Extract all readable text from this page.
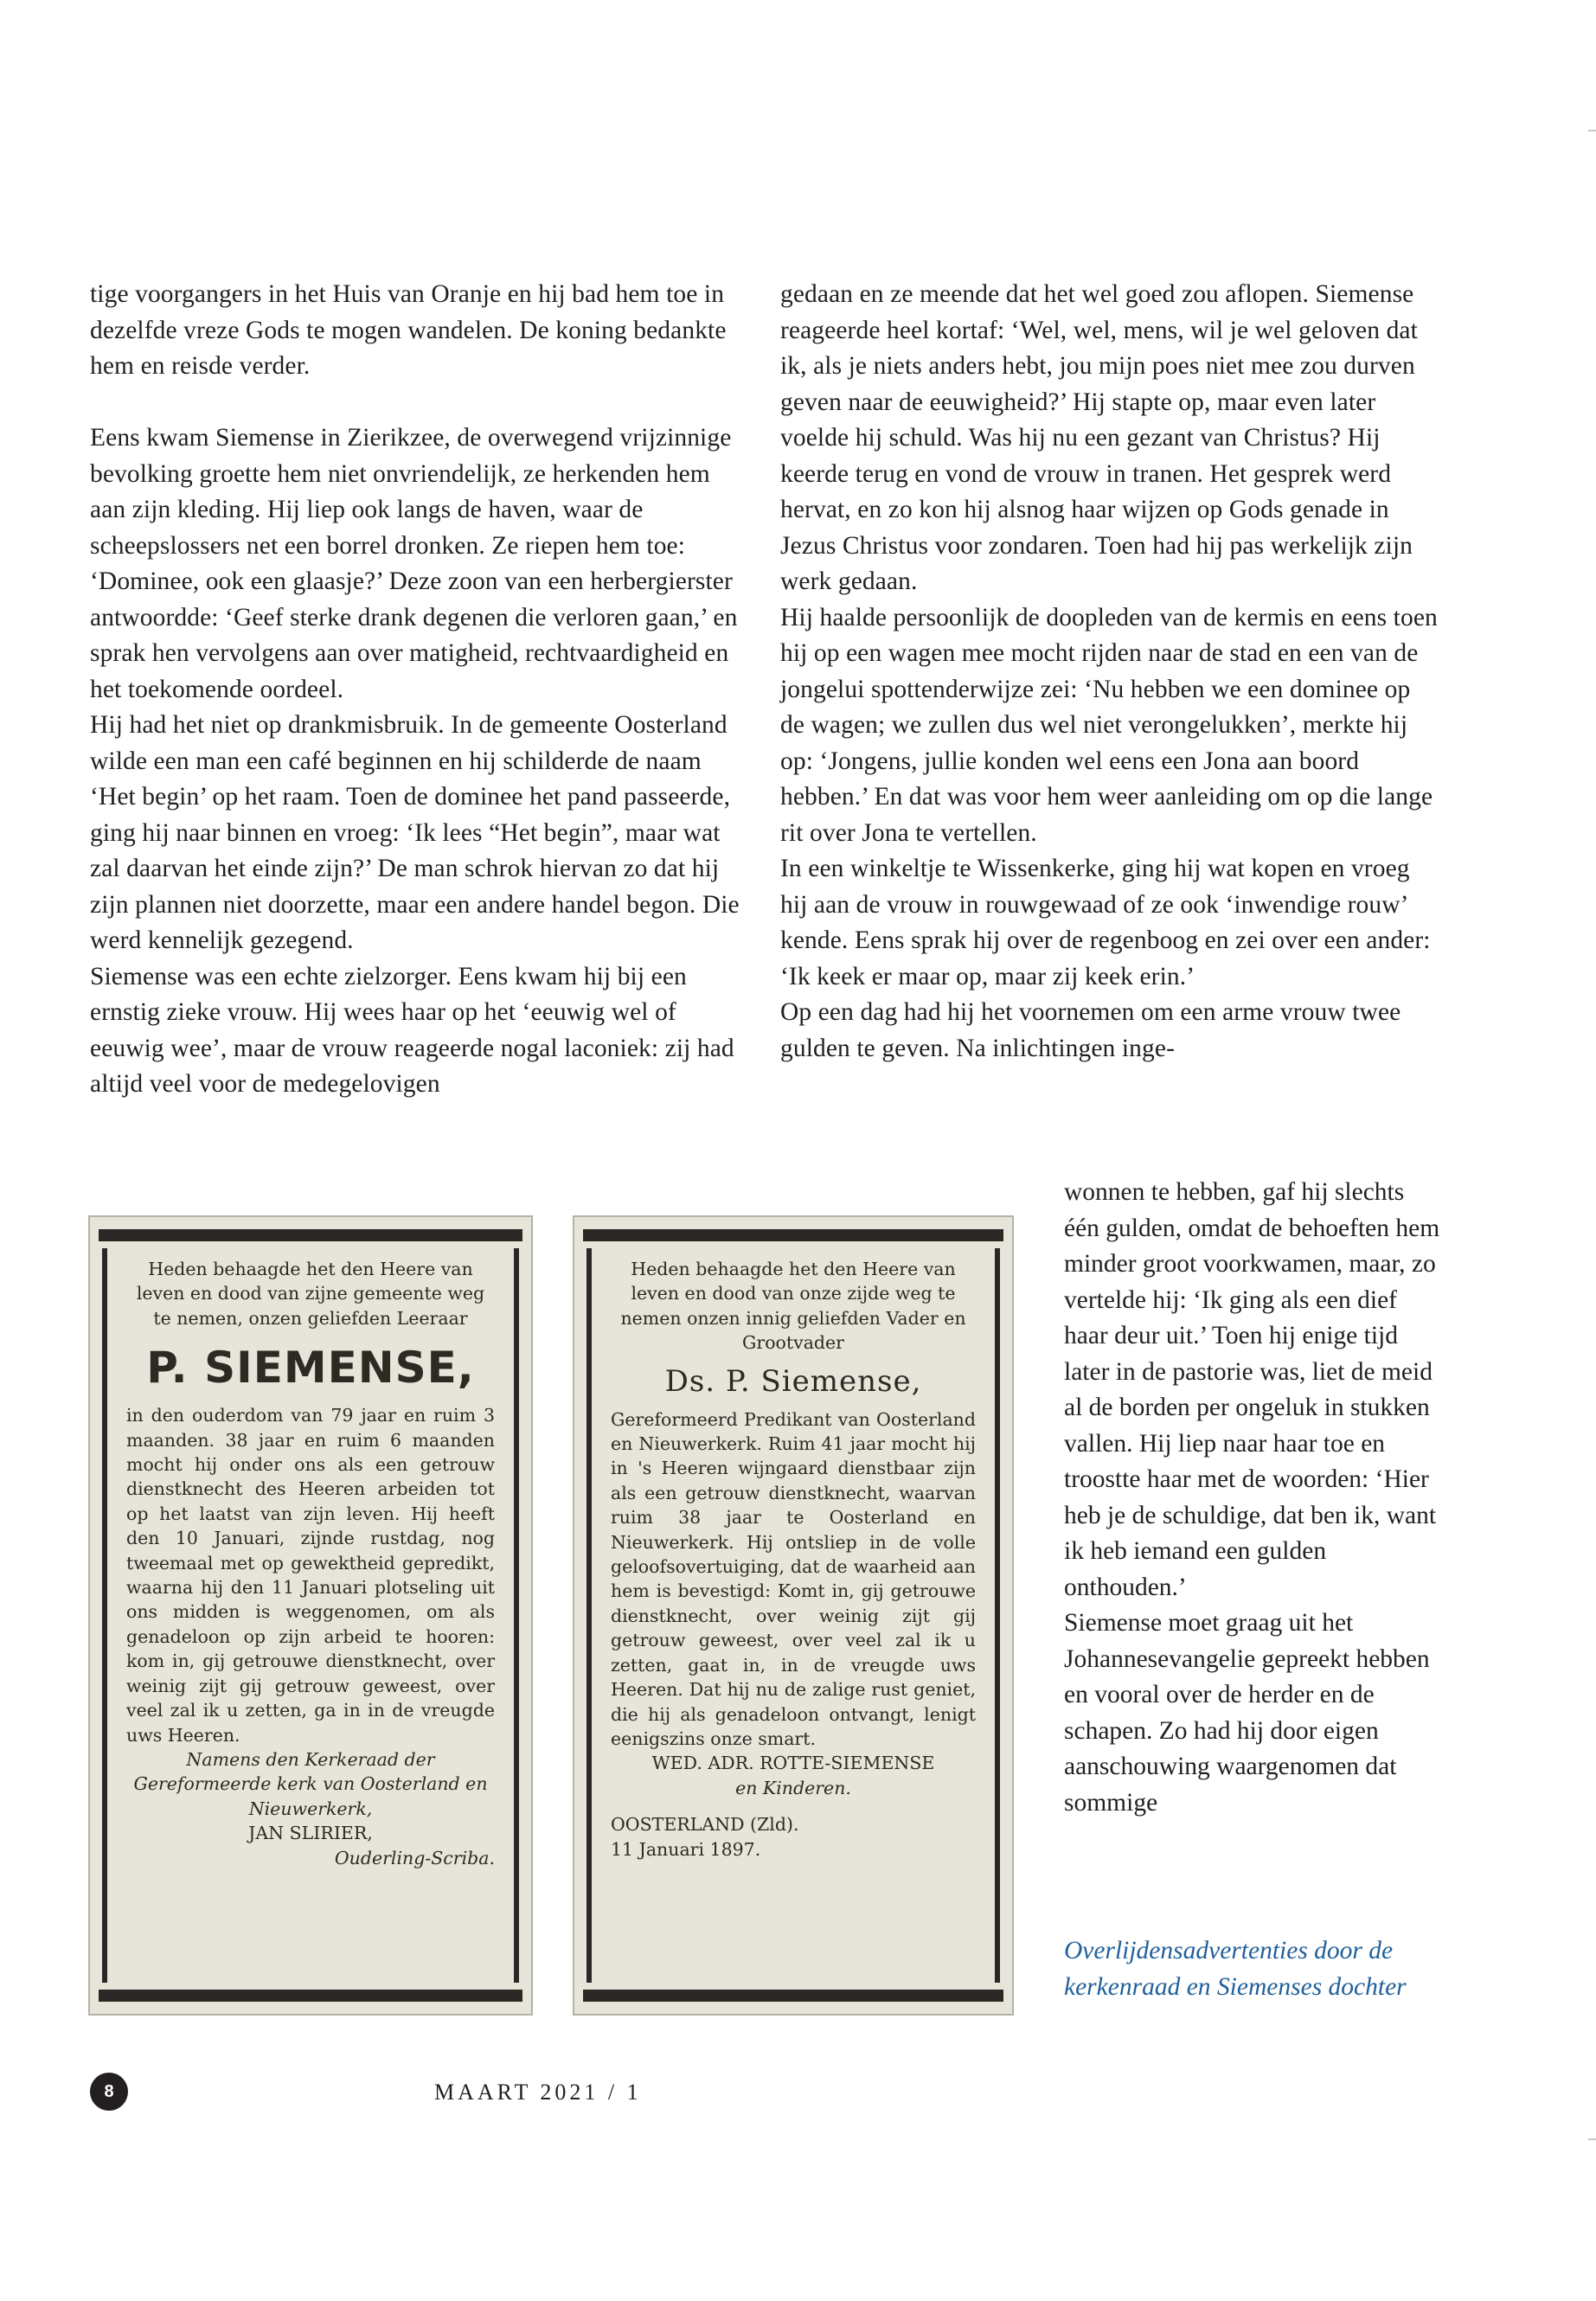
tige voorgangers in het Huis van Oranje en hij bad hem toe in dezelfde vreze Gods te mogen wandelen. De koning bedankte hem en reisde verder.

Eens kwam Siemense in Zierikzee, de overwegend vrijzinnige bevolking groette hem niet onvriendelijk, ze herkenden hem aan zijn kleding. Hij liep ook langs de haven, waar de scheepslossers net een borrel dronken. Ze riepen hem toe: ‘Dominee, ook een glaasje?’ Deze zoon van een herbergierster antwoordde: ‘Geef sterke drank degenen die verloren gaan,’ en sprak hen vervolgens aan over matigheid, rechtvaardigheid en het toekomende oordeel.

Hij had het niet op drankmisbruik. In de gemeente Oosterland wilde een man een café beginnen en hij schilderde de naam ‘Het begin’ op het raam. Toen de dominee het pand passeerde, ging hij naar binnen en vroeg: ‘Ik lees “Het begin”, maar wat zal daarvan het einde zijn?’ De man schrok hiervan zo dat hij zijn plannen niet doorzette, maar een andere handel begon. Die werd kennelijk gezegend.

Siemense was een echte zielzorger. Eens kwam hij bij een ernstig zieke vrouw. Hij wees haar op het ‘eeuwig wel of eeuwig wee’, maar de vrouw reageerde nogal laconiek: zij had altijd veel voor de medegelovigen

gedaan en ze meende dat het wel goed zou aflopen. Siemense reageerde heel kortaf: ‘Wel, wel, mens, wil je wel geloven dat ik, als je niets anders hebt, jou mijn poes niet mee zou durven geven naar de eeuwigheid?’ Hij stapte op, maar even later voelde hij schuld. Was hij nu een gezant van Christus? Hij keerde terug en vond de vrouw in tranen. Het gesprek werd hervat, en zo kon hij alsnog haar wijzen op Gods genade in Jezus Christus voor zondaren. Toen had hij pas werkelijk zijn werk gedaan.

Hij haalde persoonlijk de doopleden van de kermis en eens toen hij op een wagen mee mocht rijden naar de stad en een van de jongelui spottenderwijze zei: ‘Nu hebben we een dominee op de wagen; we zullen dus wel niet verongelukken’, merkte hij op: ‘Jongens, jullie konden wel eens een Jona aan boord hebben.’ En dat was voor hem weer aanleiding om op die lange rit over Jona te vertellen.

In een winkeltje te Wissenkerke, ging hij wat kopen en vroeg hij aan de vrouw in rouwgewaad of ze ook ‘inwendige rouw’ kende. Eens sprak hij over de regenboog en zei over een ander: ‘Ik keek er maar op, maar zij keek erin.’

Op een dag had hij het voornemen om een arme vrouw twee gulden te geven. Na inlichtingen inge-

wonnen te hebben, gaf hij slechts één gulden, omdat de behoeften hem minder groot voorkwamen, maar, zo vertelde hij: ‘Ik ging als een dief haar deur uit.’ Toen hij enige tijd later in de pastorie was, liet de meid al de borden per ongeluk in stukken vallen. Hij liep naar haar toe en troostte haar met de woorden: ‘Hier heb je de schuldige, dat ben ik, want ik heb iemand een gulden onthouden.’

Siemense moet graag uit het Johannesevangelie gepreekt hebben en vooral over de herder en de schapen. Zo had hij door eigen aanschouwing waargenomen dat sommige

Heden behaagde het den Heere van leven en dood van zijne gemeente weg te nemen, onzen geliefden Leeraar

P. SIEMENSE,

in den ouderdom van 79 jaar en ruim 3 maanden. 38 jaar en ruim 6 maanden mocht hij onder ons als een getrouw dienstknecht des Heeren arbeiden tot op het laatst van zijn leven. Hij heeft den 10 Januari, zijnde rustdag, nog tweemaal met op gewektheid gepredikt, waarna hij den 11 Januari plotseling uit ons midden is weggenomen, om als genadeloon op zijn arbeid te hooren: kom in, gij getrouwe dienstknecht, over weinig zijt gij getrouw geweest, over veel zal ik u zetten, ga in in de vreugde uws Heeren.

Namens den Kerkeraad der Gereformeerde kerk van Oosterland en Nieuwerkerk,

JAN SLIRIER,

Ouderling-Scriba.

Heden behaagde het den Heere van leven en dood van onze zijde weg te nemen onzen innig geliefden Vader en Grootvader

Ds. P. Siemense,

Gereformeerd Predikant van Oosterland en Nieuwerkerk. Ruim 41 jaar mocht hij in 's Heeren wijngaard dienstbaar zijn als een getrouw dienstknecht, waarvan ruim 38 jaar te Oosterland en Nieuwerkerk. Hij ontsliep in de volle geloofsovertuiging, dat de waarheid aan hem is bevestigd: Komt in, gij getrouwe dienstknecht, over weinig zijt gij getrouw geweest, over veel zal ik u zetten, gaat in, in de vreugde uws Heeren. Dat hij nu de zalige rust geniet, die hij als genadeloon ontvangt, lenigt eenigszins onze smart.

WED. ADR. ROTTE-SIEMENSE

en Kinderen.

OOSTERLAND (Zld).

11 Januari 1897.

Overlijdensadvertenties door de kerkenraad en Siemenses dochter
8	MAART 2021 / 1
